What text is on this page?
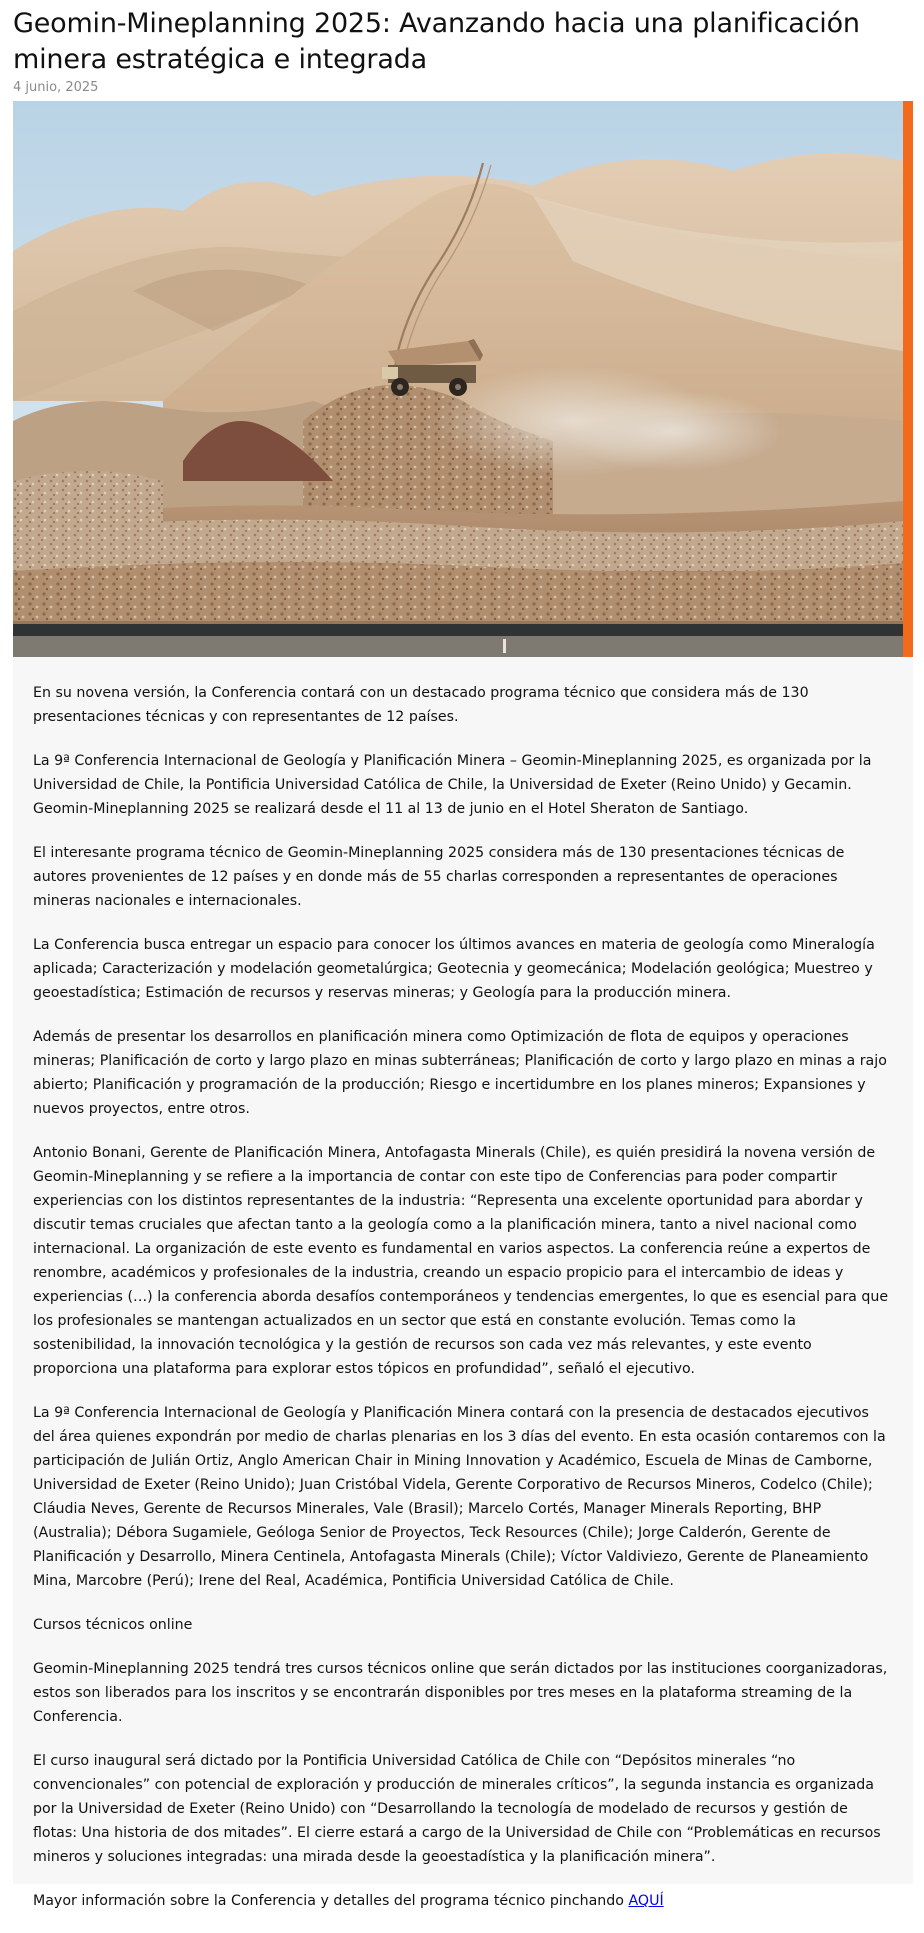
Geomin-Mineplanning 2025: Avanzando hacia una planificación minera estratégica e integrada
4 junio, 2025

En su novena versión, la Conferencia contará con un destacado programa técnico que considera más de 130 presentaciones técnicas y con representantes de 12 países.

La 9ª Conferencia Internacional de Geología y Planificación Minera – Geomin-Mineplanning 2025, es organizada por la Universidad de Chile, la Pontificia Universidad Católica de Chile, la Universidad de Exeter (Reino Unido) y Gecamin. Geomin-Mineplanning 2025 se realizará desde el 11 al 13 de junio en el Hotel Sheraton de Santiago.

El interesante programa técnico de Geomin-Mineplanning 2025 considera más de 130 presentaciones técnicas de autores provenientes de 12 países y en donde más de 55 charlas corresponden a representantes de operaciones mineras nacionales e internacionales.

La Conferencia busca entregar un espacio para conocer los últimos avances en materia de geología como Mineralogía aplicada; Caracterización y modelación geometalúrgica; Geotecnia y geomecánica; Modelación geológica; Muestreo y geoestadística; Estimación de recursos y reservas mineras; y Geología para la producción minera.

Además de presentar los desarrollos en planificación minera como Optimización de flota de equipos y operaciones mineras; Planificación de corto y largo plazo en minas subterráneas; Planificación de corto y largo plazo en minas a rajo abierto; Planificación y programación de la producción; Riesgo e incertidumbre en los planes mineros; Expansiones y nuevos proyectos, entre otros.

Antonio Bonani, Gerente de Planificación Minera, Antofagasta Minerals (Chile), es quién presidirá la novena versión de Geomin-Mineplanning y se refiere a la importancia de contar con este tipo de Conferencias para poder compartir experiencias con los distintos representantes de la industria: “Representa una excelente oportunidad para abordar y discutir temas cruciales que afectan tanto a la geología como a la planificación minera, tanto a nivel nacional como internacional. La organización de este evento es fundamental en varios aspectos. La conferencia reúne a expertos de renombre, académicos y profesionales de la industria, creando un espacio propicio para el intercambio de ideas y experiencias (…) la conferencia aborda desafíos contemporáneos y tendencias emergentes, lo que es esencial para que los profesionales se mantengan actualizados en un sector que está en constante evolución. Temas como la sostenibilidad, la innovación tecnológica y la gestión de recursos son cada vez más relevantes, y este evento proporciona una plataforma para explorar estos tópicos en profundidad”, señaló el ejecutivo.

La 9ª Conferencia Internacional de Geología y Planificación Minera contará con la presencia de destacados ejecutivos del área quienes expondrán por medio de charlas plenarias en los 3 días del evento. En esta ocasión contaremos con la participación de Julián Ortiz, Anglo American Chair in Mining Innovation y Académico, Escuela de Minas de Camborne, Universidad de Exeter (Reino Unido); Juan Cristóbal Videla, Gerente Corporativo de Recursos Mineros, Codelco (Chile); Cláudia Neves, Gerente de Recursos Minerales, Vale (Brasil); Marcelo Cortés, Manager Minerals Reporting, BHP (Australia); Débora Sugamiele, Geóloga Senior de Proyectos, Teck Resources (Chile); Jorge Calderón, Gerente de Planificación y Desarrollo, Minera Centinela, Antofagasta Minerals (Chile); Víctor Valdiviezo, Gerente de Planeamiento Mina, Marcobre (Perú); Irene del Real, Académica, Pontificia Universidad Católica de Chile.

Cursos técnicos online

Geomin-Mineplanning 2025 tendrá tres cursos técnicos online que serán dictados por las instituciones coorganizadoras, estos son liberados para los inscritos y se encontrarán disponibles por tres meses en la plataforma streaming de la Conferencia.

El curso inaugural será dictado por la Pontificia Universidad Católica de Chile con “Depósitos minerales “no convencionales” con potencial de exploración y producción de minerales críticos”, la segunda instancia es organizada por la Universidad de Exeter (Reino Unido) con “Desarrollando la tecnología de modelado de recursos y gestión de flotas: Una historia de dos mitades”. El cierre estará a cargo de la Universidad de Chile con “Problemáticas en recursos mineros y soluciones integradas: una mirada desde la geoestadística y la planificación minera”.

Mayor información sobre la Conferencia y detalles del programa técnico pinchando AQUÍ
